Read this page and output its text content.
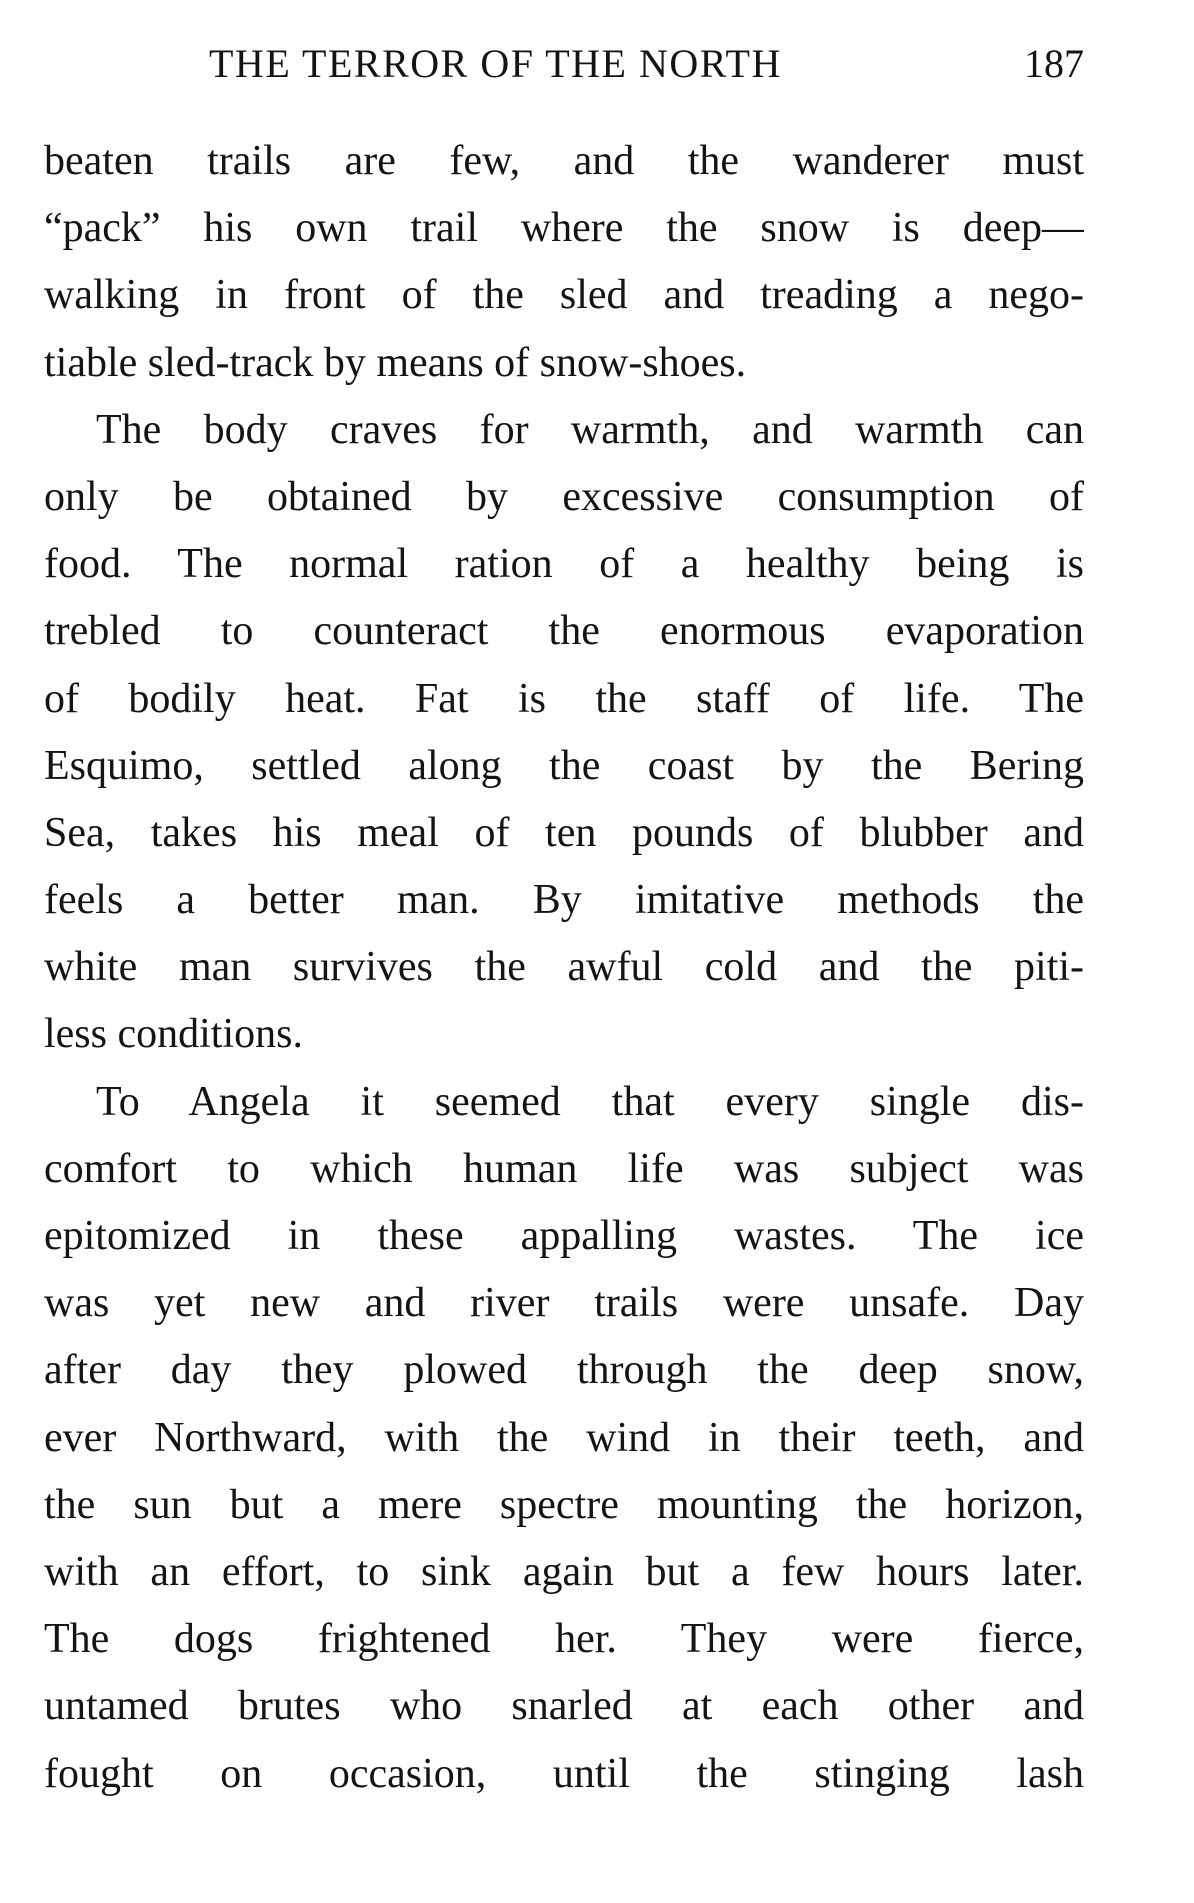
THE TERROR OF THE NORTH	187
beaten trails are few, and the wanderer must
“pack” his own trail where the snow is deep—
walking in front of the sled and treading a nego-
tiable sled-track by means of snow-shoes.
The body craves for warmth, and warmth can
only be obtained by excessive consumption of
food. The normal ration of a healthy being is
trebled to counteract the enormous evaporation
of bodily heat. Fat is the staff of life. The
Esquimo, settled along the coast by the Bering
Sea, takes his meal of ten pounds of blubber and
feels a better man. By imitative methods the
white man survives the awful cold and the piti-
less conditions.
To Angela it seemed that every single dis-
comfort to which human life was subject was
epitomized in these appalling wastes. The ice
was yet new and river trails were unsafe. Day
after day they plowed through the deep snow,
ever Northward, with the wind in their teeth, and
the sun but a mere spectre mounting the horizon,
with an effort, to sink again but a few hours later.
The dogs frightened her. They were fierce,
untamed brutes who snarled at each other and
fought on occasion, until the stinging lash
